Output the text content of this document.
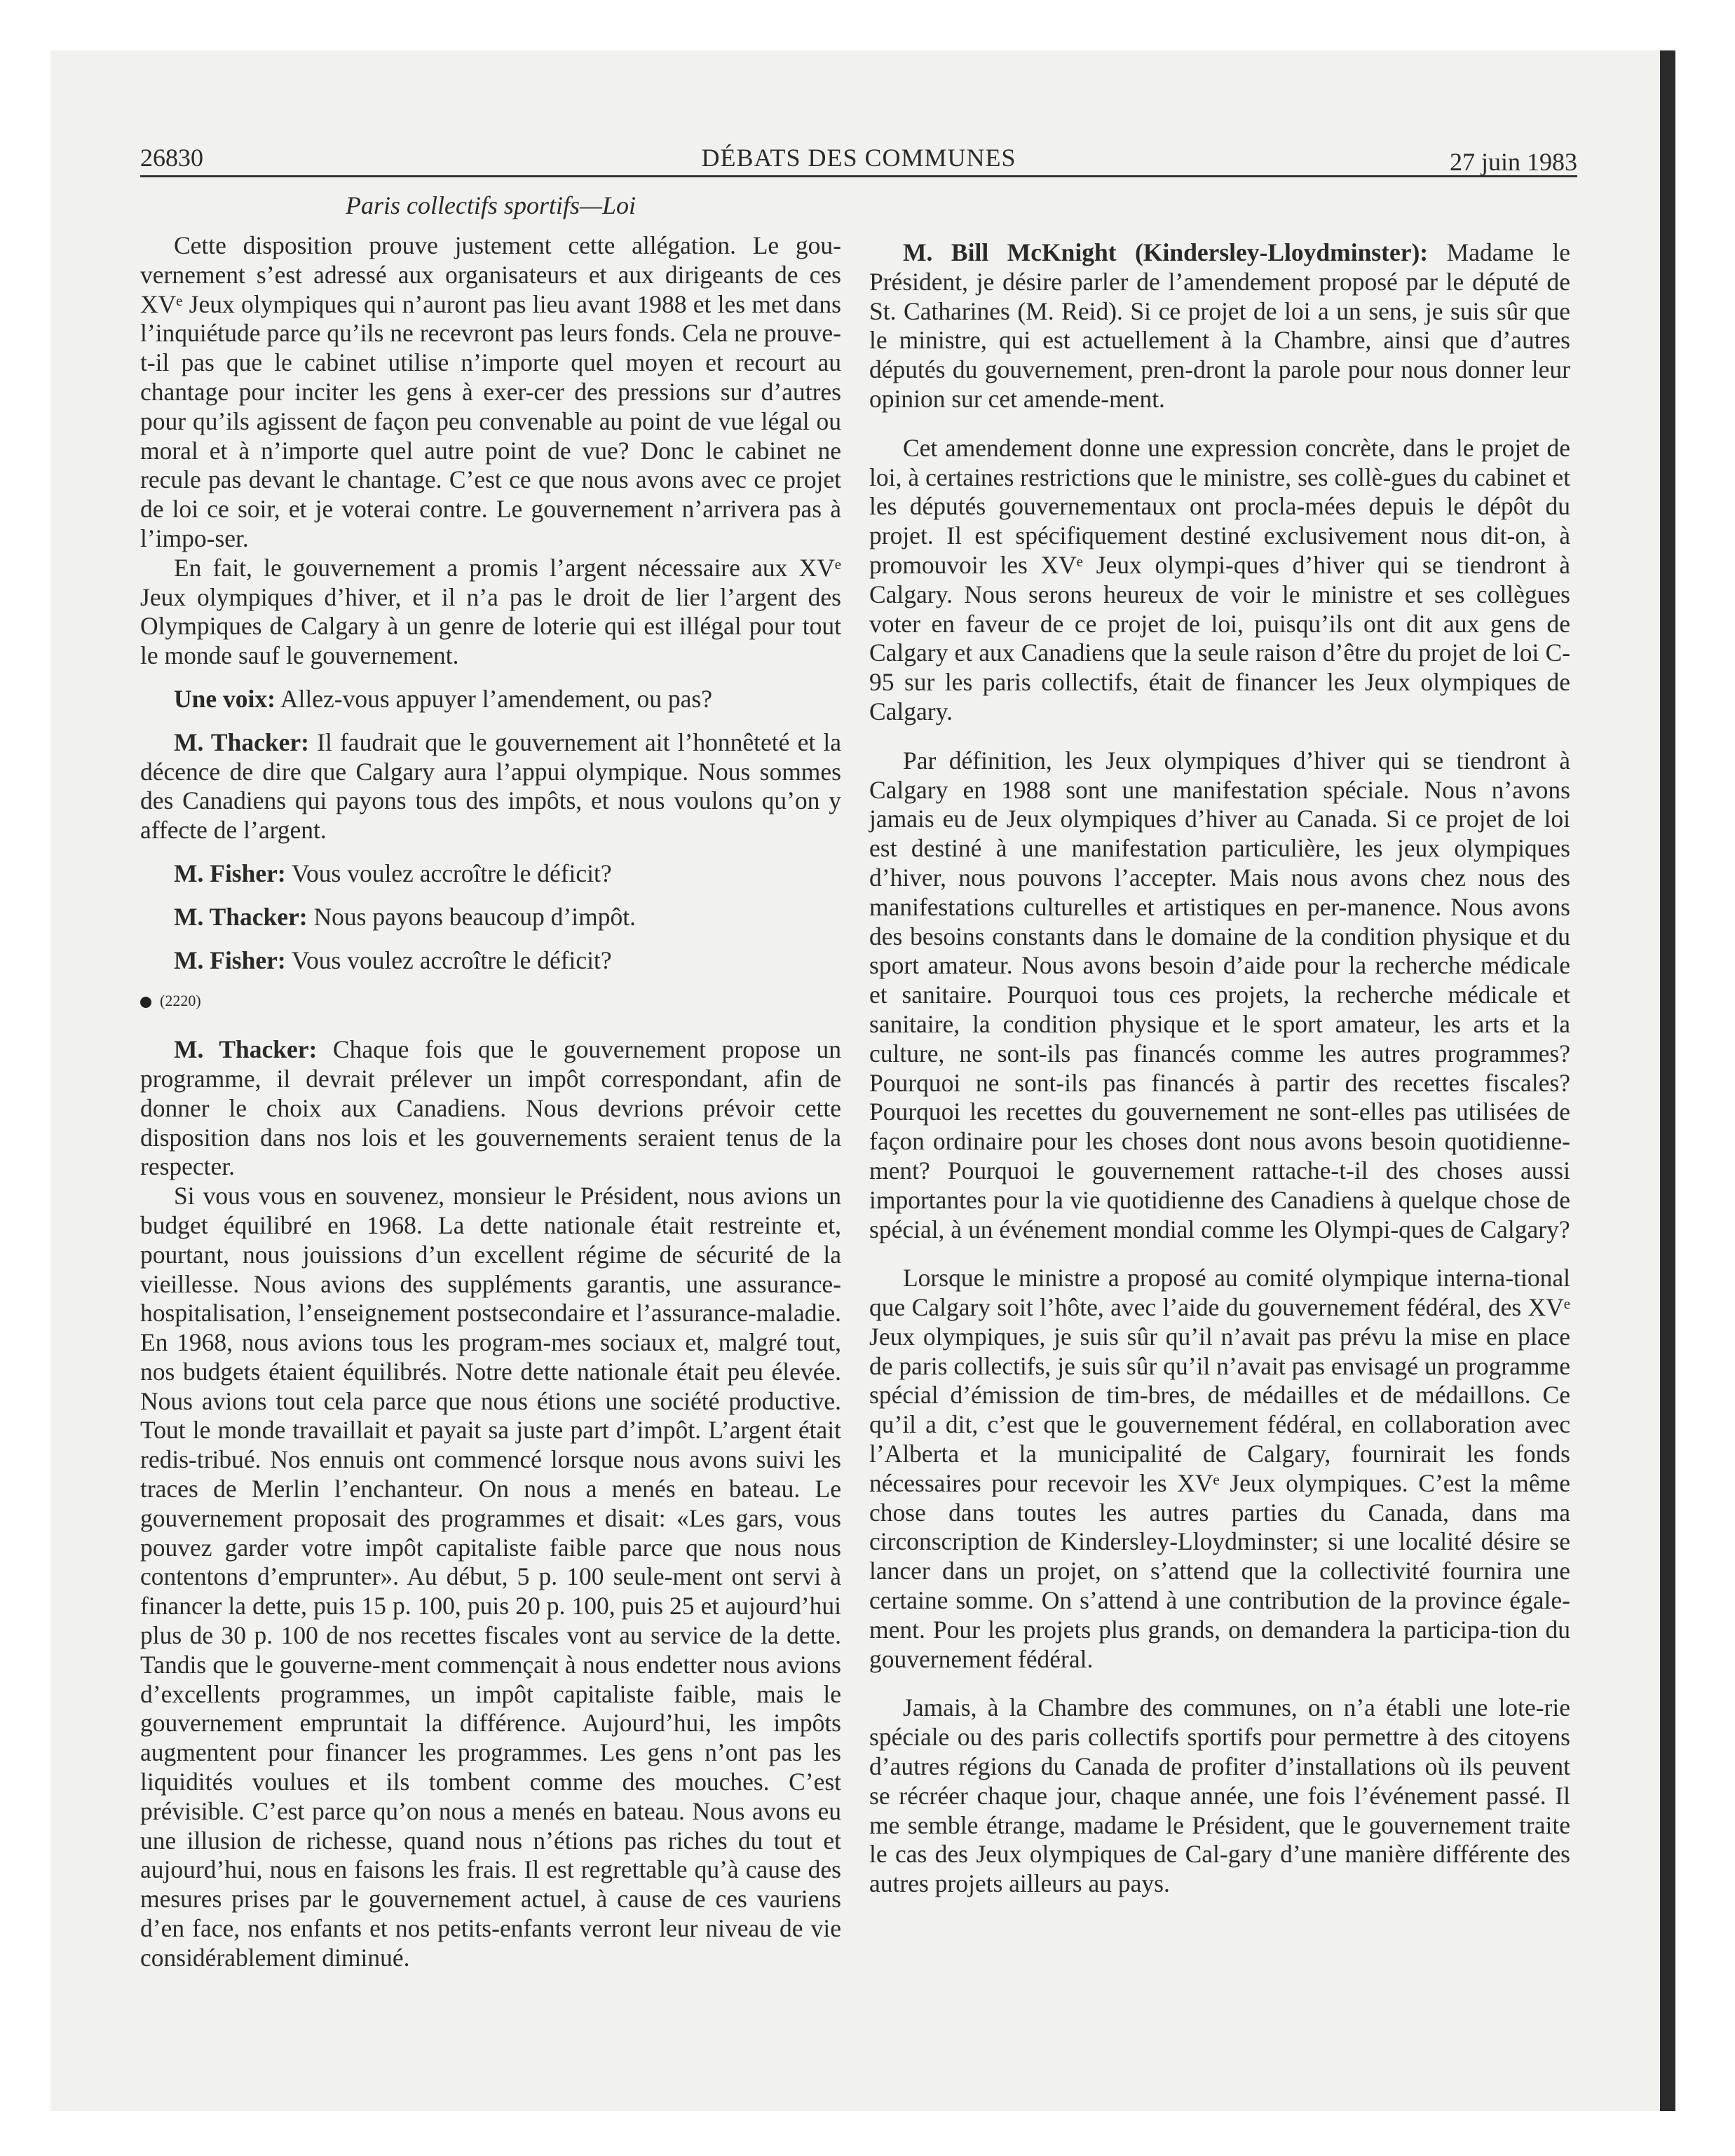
26830	DÉBATS DES COMMUNES	27 juin 1983
Paris collectifs sportifs—Loi

Cette disposition prouve justement cette allégation. Le gou-vernement s’est adressé aux organisateurs et aux dirigeants de ces XVᵉ Jeux olympiques qui n’auront pas lieu avant 1988 et les met dans l’inquiétude parce qu’ils ne recevront pas leurs fonds. Cela ne prouve-t-il pas que le cabinet utilise n’importe quel moyen et recourt au chantage pour inciter les gens à exer-cer des pressions sur d’autres pour qu’ils agissent de façon peu convenable au point de vue légal ou moral et à n’importe quel autre point de vue? Donc le cabinet ne recule pas devant le chantage. C’est ce que nous avons avec ce projet de loi ce soir, et je voterai contre. Le gouvernement n’arrivera pas à l’impo-ser.

En fait, le gouvernement a promis l’argent nécessaire aux XVᵉ Jeux olympiques d’hiver, et il n’a pas le droit de lier l’argent des Olympiques de Calgary à un genre de loterie qui est illégal pour tout le monde sauf le gouvernement.

Une voix: Allez-vous appuyer l’amendement, ou pas?

M. Thacker: Il faudrait que le gouvernement ait l’honnêteté et la décence de dire que Calgary aura l’appui olympique. Nous sommes des Canadiens qui payons tous des impôts, et nous voulons qu’on y affecte de l’argent.

M. Fisher: Vous voulez accroître le déficit?

M. Thacker: Nous payons beaucoup d’impôt.

M. Fisher: Vous voulez accroître le déficit?

(2220)

M. Thacker: Chaque fois que le gouvernement propose un programme, il devrait prélever un impôt correspondant, afin de donner le choix aux Canadiens. Nous devrions prévoir cette disposition dans nos lois et les gouvernements seraient tenus de la respecter.

Si vous vous en souvenez, monsieur le Président, nous avions un budget équilibré en 1968. La dette nationale était restreinte et, pourtant, nous jouissions d’un excellent régime de sécurité de la vieillesse. Nous avions des suppléments garantis, une assurance-hospitalisation, l’enseignement postsecondaire et l’assurance-maladie. En 1968, nous avions tous les program-mes sociaux et, malgré tout, nos budgets étaient équilibrés. Notre dette nationale était peu élevée. Nous avions tout cela parce que nous étions une société productive. Tout le monde travaillait et payait sa juste part d’impôt. L’argent était redis-tribué. Nos ennuis ont commencé lorsque nous avons suivi les traces de Merlin l’enchanteur. On nous a menés en bateau. Le gouvernement proposait des programmes et disait: «Les gars, vous pouvez garder votre impôt capitaliste faible parce que nous nous contentons d’emprunter». Au début, 5 p. 100 seule-ment ont servi à financer la dette, puis 15 p. 100, puis 20 p. 100, puis 25 et aujourd’hui plus de 30 p. 100 de nos recettes fiscales vont au service de la dette. Tandis que le gouverne-ment commençait à nous endetter nous avions d’excellents programmes, un impôt capitaliste faible, mais le gouvernement empruntait la différence. Aujourd’hui, les impôts augmentent pour financer les programmes. Les gens n’ont pas les liquidités voulues et ils tombent comme des mouches. C’est prévisible. C’est parce qu’on nous a menés en bateau. Nous avons eu une illusion de richesse, quand nous n’étions pas riches du tout et aujourd’hui, nous en faisons les frais. Il est regrettable qu’à cause des mesures prises par le gouvernement actuel, à cause de ces vauriens d’en face, nos enfants et nos petits-enfants verront leur niveau de vie considérablement diminué.

M. Bill McKnight (Kindersley-Lloydminster): Madame le Président, je désire parler de l’amendement proposé par le député de St. Catharines (M. Reid). Si ce projet de loi a un sens, je suis sûr que le ministre, qui est actuellement à la Chambre, ainsi que d’autres députés du gouvernement, pren-dront la parole pour nous donner leur opinion sur cet amende-ment.

Cet amendement donne une expression concrète, dans le projet de loi, à certaines restrictions que le ministre, ses collè-gues du cabinet et les députés gouvernementaux ont procla-mées depuis le dépôt du projet. Il est spécifiquement destiné exclusivement nous dit-on, à promouvoir les XVᵉ Jeux olympi-ques d’hiver qui se tiendront à Calgary. Nous serons heureux de voir le ministre et ses collègues voter en faveur de ce projet de loi, puisqu’ils ont dit aux gens de Calgary et aux Canadiens que la seule raison d’être du projet de loi C-95 sur les paris collectifs, était de financer les Jeux olympiques de Calgary.

Par définition, les Jeux olympiques d’hiver qui se tiendront à Calgary en 1988 sont une manifestation spéciale. Nous n’avons jamais eu de Jeux olympiques d’hiver au Canada. Si ce projet de loi est destiné à une manifestation particulière, les jeux olympiques d’hiver, nous pouvons l’accepter. Mais nous avons chez nous des manifestations culturelles et artistiques en per-manence. Nous avons des besoins constants dans le domaine de la condition physique et du sport amateur. Nous avons besoin d’aide pour la recherche médicale et sanitaire. Pourquoi tous ces projets, la recherche médicale et sanitaire, la condition physique et le sport amateur, les arts et la culture, ne sont-ils pas financés comme les autres programmes? Pourquoi ne sont-ils pas financés à partir des recettes fiscales? Pourquoi les recettes du gouvernement ne sont-elles pas utilisées de façon ordinaire pour les choses dont nous avons besoin quotidienne-ment? Pourquoi le gouvernement rattache-t-il des choses aussi importantes pour la vie quotidienne des Canadiens à quelque chose de spécial, à un événement mondial comme les Olympi-ques de Calgary?

Lorsque le ministre a proposé au comité olympique interna-tional que Calgary soit l’hôte, avec l’aide du gouvernement fédéral, des XVᵉ Jeux olympiques, je suis sûr qu’il n’avait pas prévu la mise en place de paris collectifs, je suis sûr qu’il n’avait pas envisagé un programme spécial d’émission de tim-bres, de médailles et de médaillons. Ce qu’il a dit, c’est que le gouvernement fédéral, en collaboration avec l’Alberta et la municipalité de Calgary, fournirait les fonds nécessaires pour recevoir les XVᵉ Jeux olympiques. C’est la même chose dans toutes les autres parties du Canada, dans ma circonscription de Kindersley-Lloydminster; si une localité désire se lancer dans un projet, on s’attend que la collectivité fournira une certaine somme. On s’attend à une contribution de la province égale-ment. Pour les projets plus grands, on demandera la participa-tion du gouvernement fédéral.

Jamais, à la Chambre des communes, on n’a établi une lote-rie spéciale ou des paris collectifs sportifs pour permettre à des citoyens d’autres régions du Canada de profiter d’installations où ils peuvent se récréer chaque jour, chaque année, une fois l’événement passé. Il me semble étrange, madame le Président, que le gouvernement traite le cas des Jeux olympiques de Cal-gary d’une manière différente des autres projets ailleurs au pays.
